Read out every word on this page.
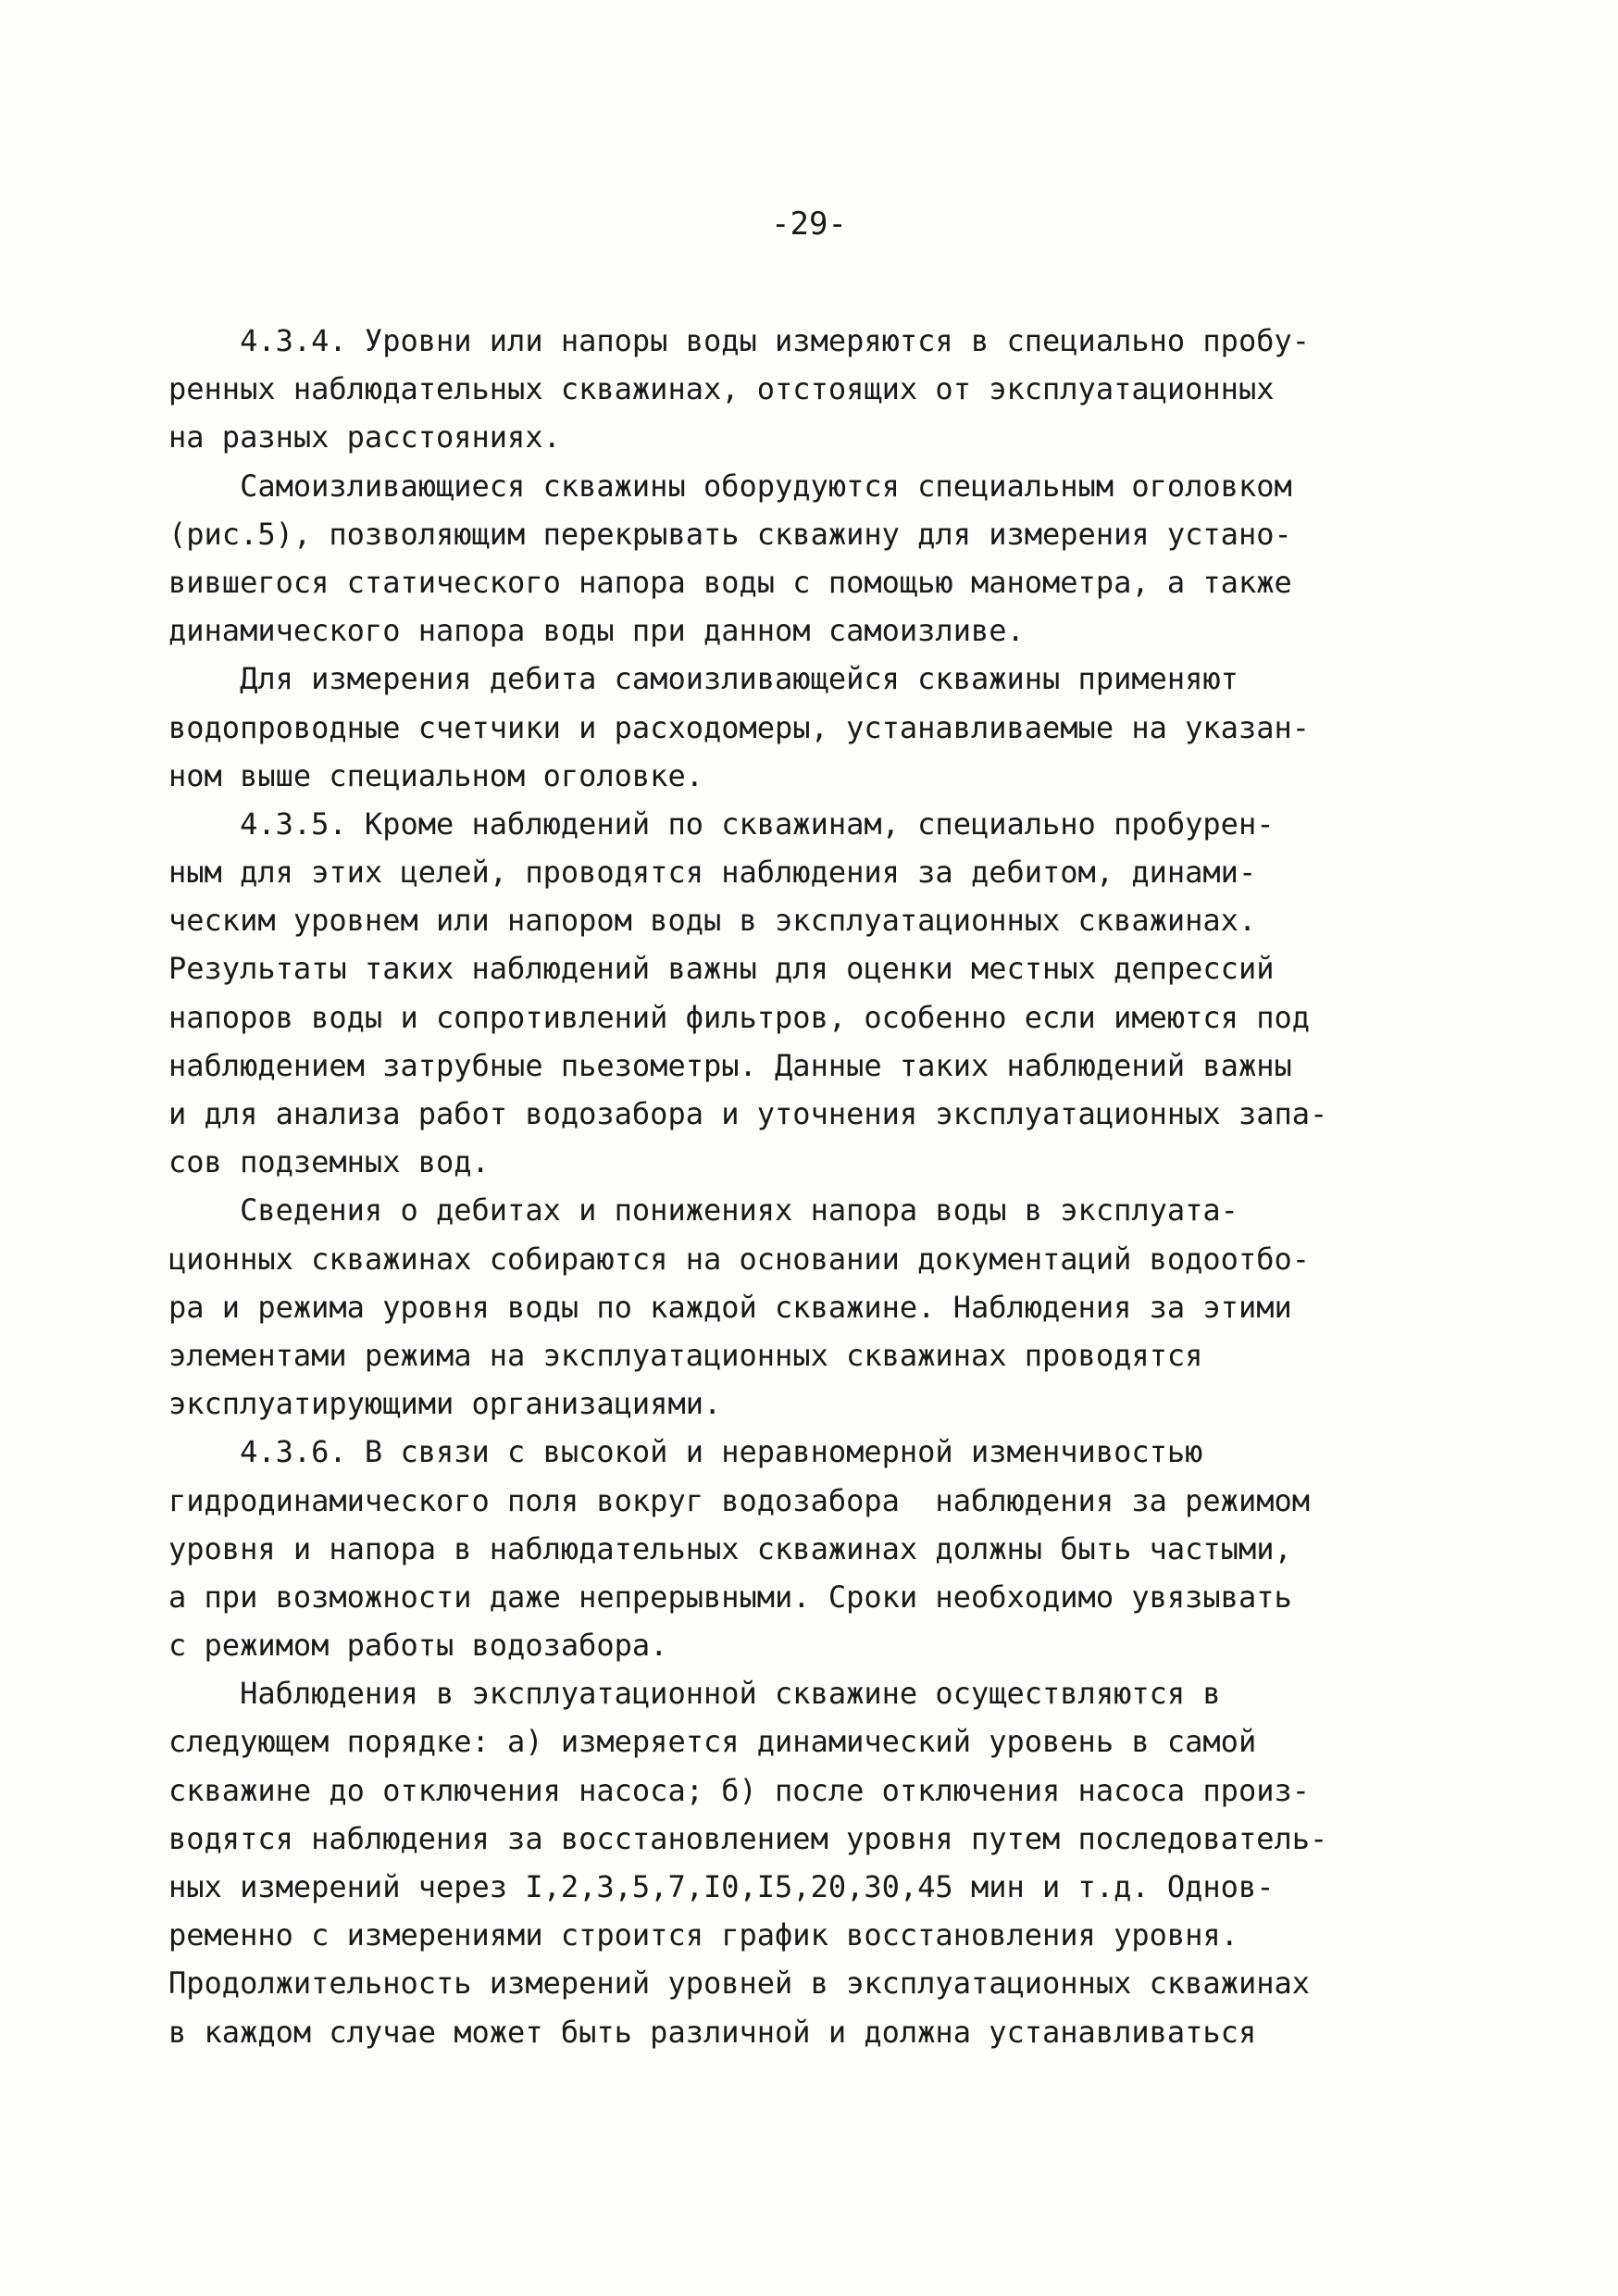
-29-
4.3.4. Уровни или напоры воды измеряются в специально пробу-
ренных наблюдательных скважинах, отстоящих от эксплуатационных
на разных расстояниях.
Самоизливающиеся скважины оборудуются специальным оголовком
(рис.5), позволяющим перекрывать скважину для измерения устано-
вившегося статического напора воды с помощью манометра, а также
динамического напора воды при данном самоизливе.
Для измерения дебита самоизливающейся скважины применяют
водопроводные счетчики и расходомеры, устанавливаемые на указан-
ном выше специальном оголовке.
4.3.5. Кроме наблюдений по скважинам, специально пробурен-
ным для этих целей, проводятся наблюдения за дебитом, динами-
ческим уровнем или напором воды в эксплуатационных скважинах.
Результаты таких наблюдений важны для оценки местных депрессий
напоров воды и сопротивлений фильтров, особенно если имеются под
наблюдением затрубные пьезометры. Данные таких наблюдений важны
и для анализа работ водозабора и уточнения эксплуатационных запа-
сов подземных вод.
Сведения о дебитах и понижениях напора воды в эксплуата-
ционных скважинах собираются на основании документаций водоотбо-
ра и режима уровня воды по каждой скважине. Наблюдения за этими
элементами режима на эксплуатационных скважинах проводятся
эксплуатирующими организациями.
4.3.6. В связи с высокой и неравномерной изменчивостью
гидродинамического поля вокруг водозабора  наблюдения за режимом
уровня и напора в наблюдательных скважинах должны быть частыми,
а при возможности даже непрерывными. Сроки необходимо увязывать
с режимом работы водозабора.
Наблюдения в эксплуатационной скважине осуществляются в
следующем порядке: а) измеряется динамический уровень в самой
скважине до отключения насоса; б) после отключения насоса произ-
водятся наблюдения за восстановлением уровня путем последователь-
ных измерений через I,2,3,5,7,I0,I5,20,30,45 мин и т.д. Однов-
ременно с измерениями строится график восстановления уровня.
Продолжительность измерений уровней в эксплуатационных скважинах
в каждом случае может быть различной и должна устанавливаться
